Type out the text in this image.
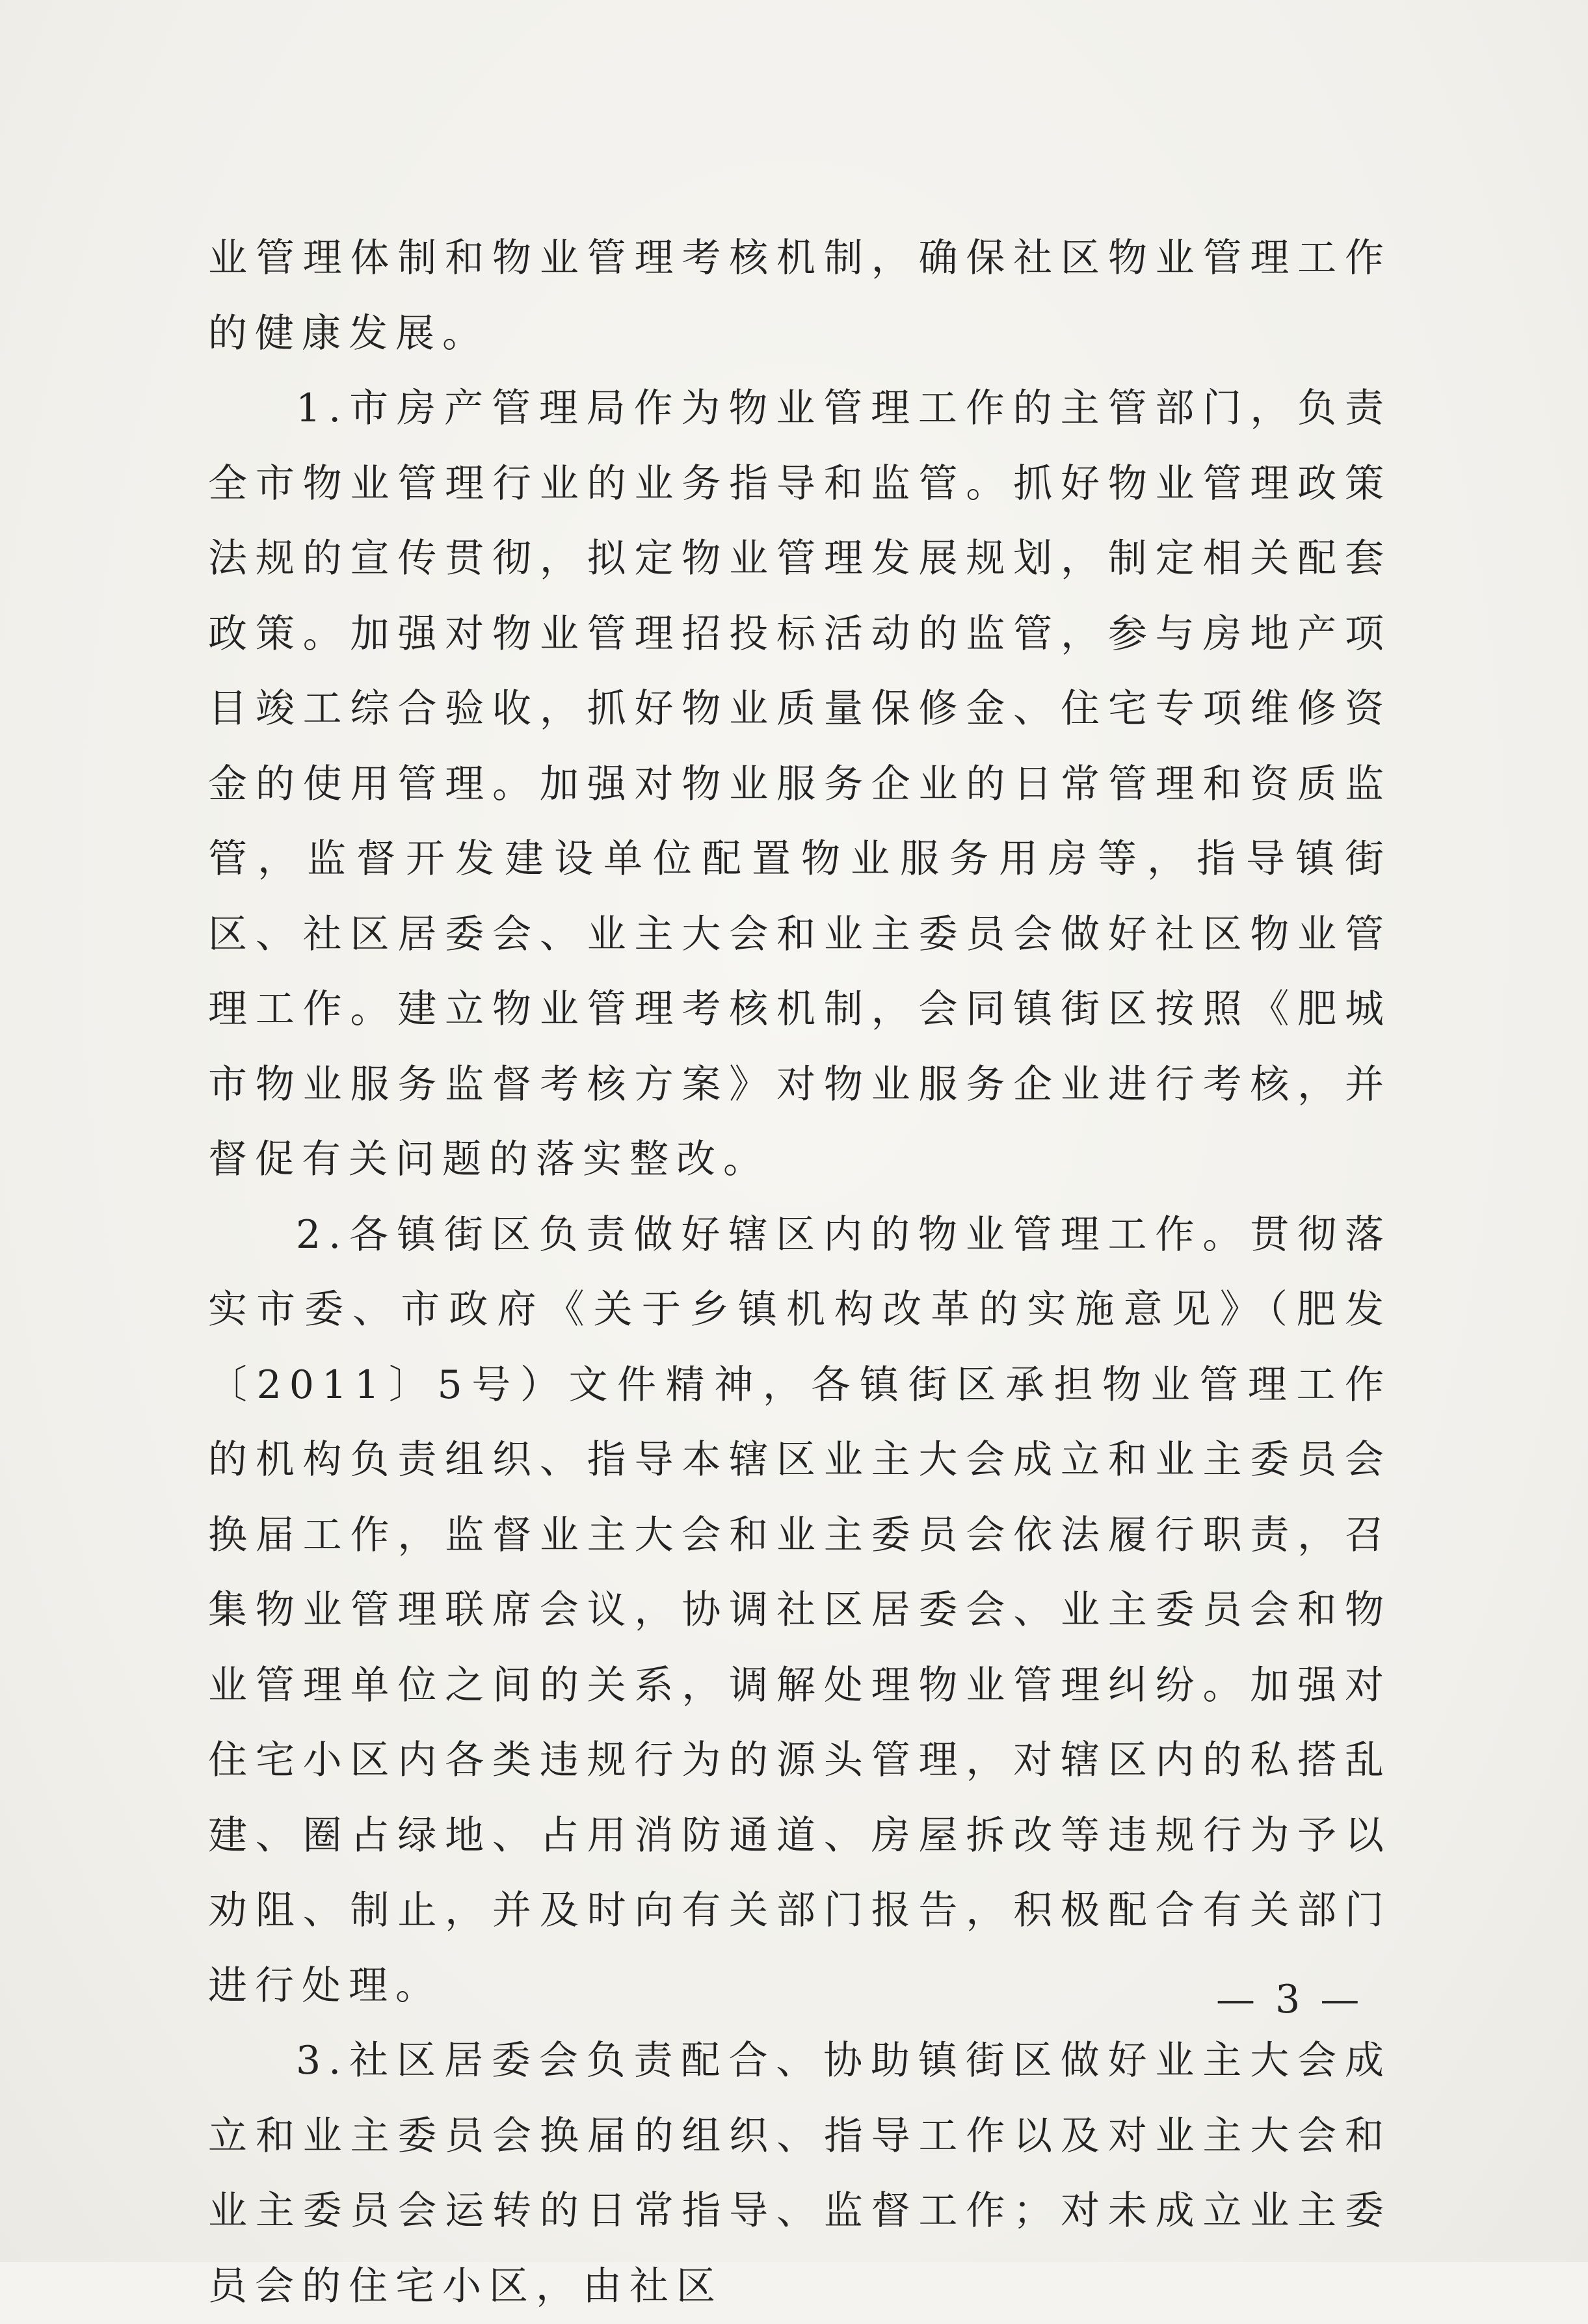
业管理体制和物业管理考核机制，确保社区物业管理工作的健康发展。

1.市房产管理局作为物业管理工作的主管部门，负责全市物业管理行业的业务指导和监管。抓好物业管理政策法规的宣传贯彻，拟定物业管理发展规划，制定相关配套政策。加强对物业管理招投标活动的监管，参与房地产项目竣工综合验收，抓好物业质量保修金、住宅专项维修资金的使用管理。加强对物业服务企业的日常管理和资质监管，监督开发建设单位配置物业服务用房等，指导镇街区、社区居委会、业主大会和业主委员会做好社区物业管理工作。建立物业管理考核机制，会同镇街区按照《肥城市物业服务监督考核方案》对物业服务企业进行考核，并督促有关问题的落实整改。

2.各镇街区负责做好辖区内的物业管理工作。贯彻落实市委、市政府《关于乡镇机构改革的实施意见》（肥发〔2011〕5号）文件精神，各镇街区承担物业管理工作的机构负责组织、指导本辖区业主大会成立和业主委员会换届工作，监督业主大会和业主委员会依法履行职责，召集物业管理联席会议，协调社区居委会、业主委员会和物业管理单位之间的关系，调解处理物业管理纠纷。加强对住宅小区内各类违规行为的源头管理，对辖区内的私搭乱建、圈占绿地、占用消防通道、房屋拆改等违规行为予以劝阻、制止，并及时向有关部门报告，积极配合有关部门进行处理。

3.社区居委会负责配合、协助镇街区做好业主大会成立和业主委员会换届的组织、指导工作以及对业主大会和业主委员会运转的日常指导、监督工作；对未成立业主委员会的住宅小区，由社区

— 3 —
